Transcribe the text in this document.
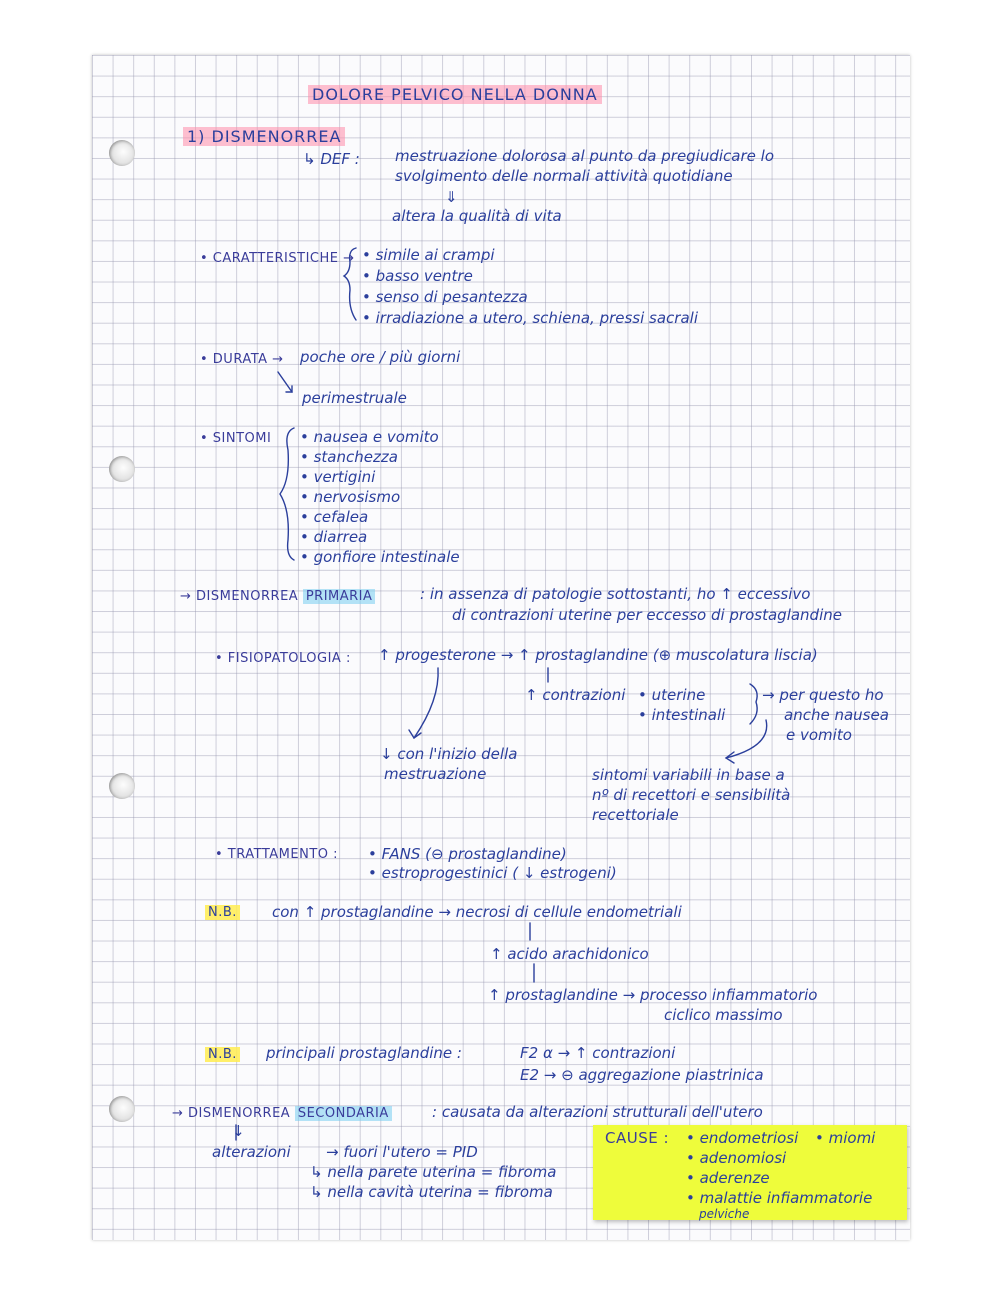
DOLORE PELVICO NELLA DONNA
1) DISMENORREA
↳ DEF : mestruazione dolorosa al punto da pregiudicare lo
svolgimento delle normali attività quotidiane
⇓
altera la qualità di vita
• CARATTERISTICHE → • simile ai crampi
• basso ventre
• senso di pesantezza
• irradiazione a utero, schiena, pressi sacrali
• DURATA → poche ore / più giorni
perimestruale
• SINTOMI • nausea e vomito
• stanchezza
• vertigini
• nervosismo
• cefalea
• diarrea
• gonfiore intestinale
→ DISMENORREA PRIMARIA	: in assenza di patologie sottostanti, ho ↑ eccessivo
di contrazioni uterine per eccesso di prostaglandine
• FISIOPATOLOGIA : ↑ progesterone → ↑ prostaglandine (⊕ muscolatura liscia)
↑ contrazioni • uterine
• intestinali
→ per questo ho
anche nausea
e vomito
↓ con l'inizio della
mestruazione	sintomi variabili in base a
nº di recettori e sensibilità
recettoriale
• TRATTAMENTO : • FANS (⊖ prostaglandine)
• estroprogestinici ( ↓ estrogeni)
N.B. con ↑ prostaglandine → necrosi di cellule endometriali
↑ acido arachidonico
↑ prostaglandine → processo infiammatorio
ciclico massimo
N.B. principali prostaglandine :	F2 α → ↑ contrazioni
E2 → ⊖ aggregazione piastrinica
→ DISMENORREA SECONDARIA	: causata da alterazioni strutturali dell'utero
↓
alterazioni → fuori l'utero = PID
↳ nella parete uterina = fibroma
↳ nella cavità uterina = fibroma
CAUSE : • endometriosi • miomi
• adenomiosi
• aderenze
• malattie infiammatorie
pelviche
